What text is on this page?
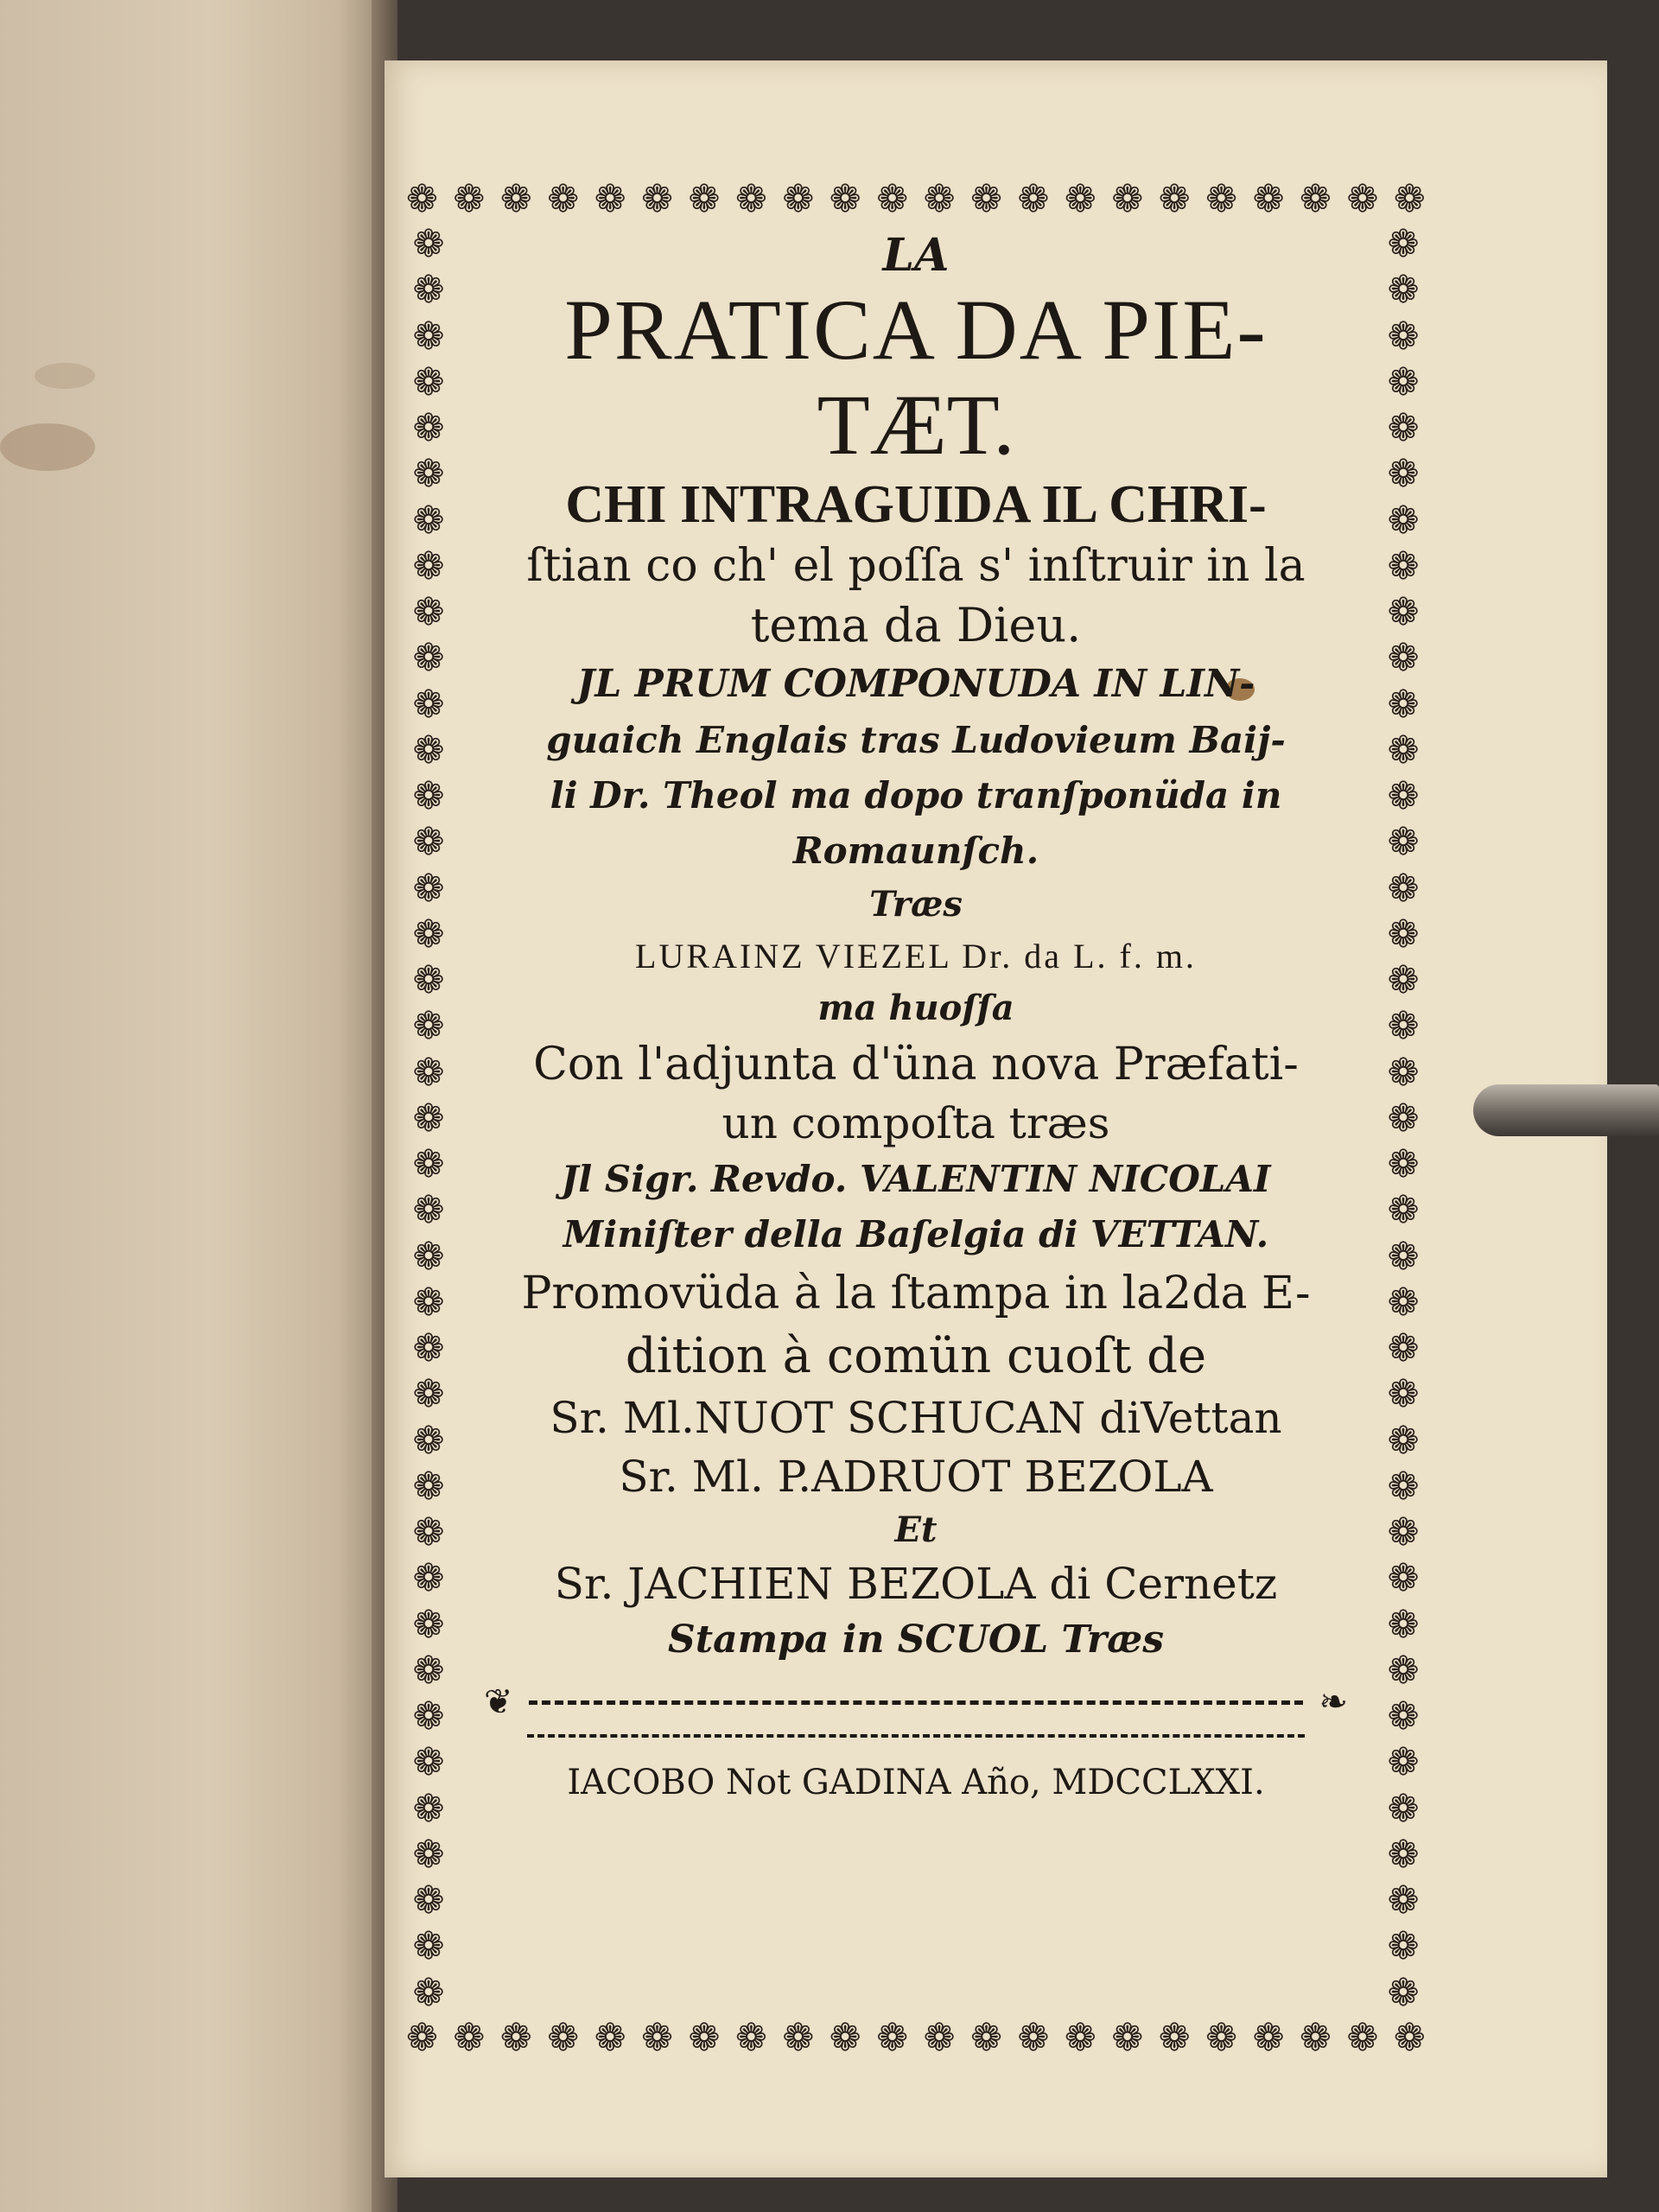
❁ ❁ ❁ ❁ ❁ ❁ ❁ ❁ ❁ ❁ ❁ ❁ ❁ ❁ ❁ ❁ ❁ ❁ ❁ ❁ ❁ ❁
❁ ❁ ❁ ❁ ❁ ❁ ❁ ❁ ❁ ❁ ❁ ❁ ❁ ❁ ❁ ❁ ❁ ❁ ❁ ❁ ❁ ❁
❁
❁
❁
❁
❁
❁
❁
❁
❁
❁
❁
❁
❁
❁
❁
❁
❁
❁
❁
❁
❁
❁
❁
❁
❁
❁
❁
❁
❁
❁
❁
❁
❁
❁
❁
❁
❁
❁
❁
❁
❁
❁
❁
❁
❁
❁
❁
❁
❁
❁
❁
❁
❁
❁
❁
❁
❁
❁
❁
❁
❁
❁
❁
❁
❁
❁
❁
❁
❁
❁
❁
❁
❁
❁
❁
❁
❁
❁
LA
PRATICA DA PIE-
TÆT.
CHI INTRAGUIDA IL CHRI-
ſtian co ch' el poſſa s' inſtruir in la
tema da Dieu.
JL PRUM COMPONUDA IN LIN-
guaich Englais tras Ludovieum Baij-
li Dr. Theol ma dopo tranſponüda in
Romaunſch.
Træs
LURAINZ VIEZEL Dr. da L. f. m.
ma huoſſa
Con l'adjunta d'üna nova Præfati-
un compoſta træs
Jl Sigr. Revdo. VALENTIN NICOLAI
Miniſter della Baſelgia di VETTAN.
Promovüda à la ſtampa in la2da E-
dition à comün cuoſt de
Sr. Ml.NUOT SCHUCAN diVettan
Sr. Ml. P.ADRUOT BEZOLA
Et
Sr. JACHIEN BEZOLA di Cernetz
Stampa in SCUOL Træs
❦	❧
IACOBO Not GADINA Año, MDCCLXXI.
